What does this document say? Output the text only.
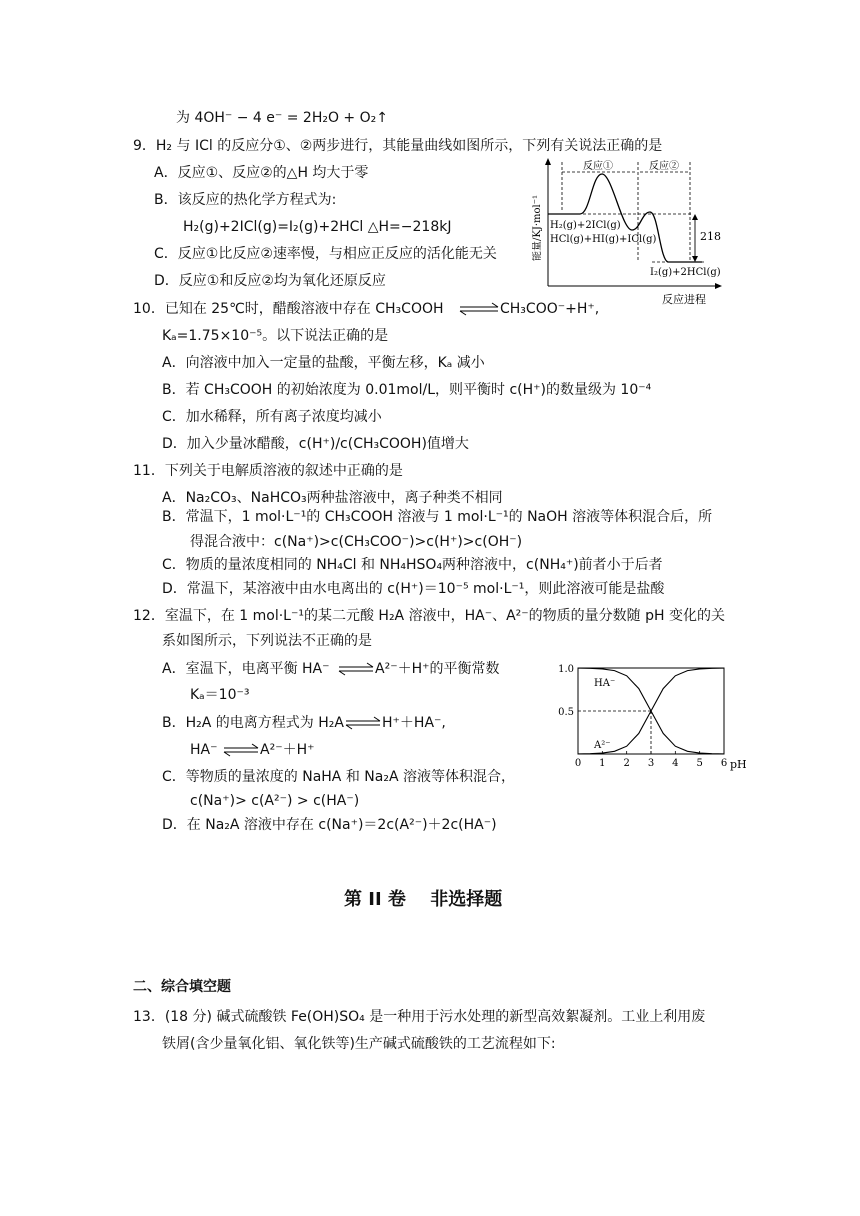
为 4OH⁻ − 4 e⁻ = 2H₂O + O₂↑
9．H₂ 与 ICl 的反应分①、②两步进行，其能量曲线如图所示，下列有关说法正确的是
A．反应①、反应②的△H 均大于零
B．该反应的热化学方程式为:
H₂(g)+2ICl(g)=I₂(g)+2HCl △H=−218kJ
C．反应①比反应②速率慢，与相应正反应的活化能无关
D．反应①和反应②均为氧化还原反应
能量/KJ·mol⁻¹
反应①	反应②
218
H₂(g)+2ICl(g)
HCl(g)+HI(g)+ICl(g)
I₂(g)+2HCl(g)
反应进程
10．已知在 25℃时，醋酸溶液中存在 CH₃COOH ⇌ CH₃COO⁻+H⁺,
Kₐ=1.75×10⁻⁵。以下说法正确的是
A．向溶液中加入一定量的盐酸，平衡左移，Kₐ 减小
B．若 CH₃COOH 的初始浓度为 0.01mol/L，则平衡时 c(H⁺)的数量级为 10⁻⁴
C．加水稀释，所有离子浓度均减小
D．加入少量冰醋酸，c(H⁺)/c(CH₃COOH)值增大
11．下列关于电解质溶液的叙述中正确的是
A．Na₂CO₃、NaHCO₃两种盐溶液中，离子种类不相同
B．常温下，1 mol·L⁻¹的 CH₃COOH 溶液与 1 mol·L⁻¹的 NaOH 溶液等体积混合后，所
得混合液中：c(Na⁺)>c(CH₃COO⁻)>c(H⁺)>c(OH⁻)
C．物质的量浓度相同的 NH₄Cl 和 NH₄HSO₄两种溶液中，c(NH₄⁺)前者小于后者
D．常温下，某溶液中由水电离出的 c(H⁺)＝10⁻⁵ mol·L⁻¹，则此溶液可能是盐酸
12．室温下，在 1 mol·L⁻¹的某二元酸 H₂A 溶液中，HA⁻、A²⁻的物质的量分数随 pH 变化的关
系如图所示，下列说法不正确的是
A．室温下，电离平衡 HA⁻ ⇌ A²⁻＋H⁺的平衡常数
Kₐ＝10⁻³
B．H₂A 的电离方程式为 H₂A ⇌ H⁺＋HA⁻,
HA⁻ ⇌ A²⁻＋H⁺
C．等物质的量浓度的 NaHA 和 Na₂A 溶液等体积混合，
c(Na⁺)> c(A²⁻) > c(HA⁻)
D．在 Na₂A 溶液中存在 c(Na⁺)＝2c(A²⁻)＋2c(HA⁻)
HA⁻
A²⁻
0 1 2 3 4 5 6 pH
0.5
1.0
第 II 卷　 非选择题
二、综合填空题
13．(18 分) 碱式硫酸铁 Fe(OH)SO₄ 是一种用于污水处理的新型高效絮凝剂。工业上利用废
铁屑(含少量氧化铝、氧化铁等)生产碱式硫酸铁的工艺流程如下:
